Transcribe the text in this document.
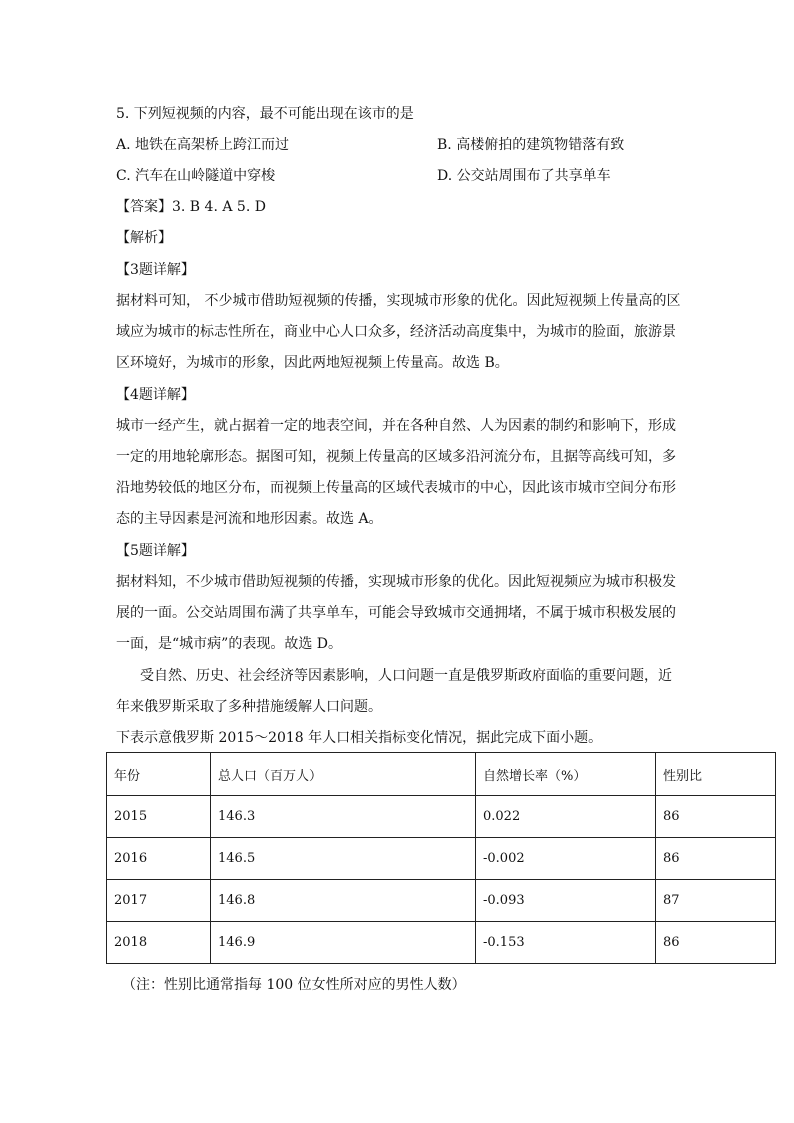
5. 下列短视频的内容，最不可能出现在该市的是
A. 地铁在高架桥上跨江而过	B. 高楼俯拍的建筑物错落有致
C. 汽车在山岭隧道中穿梭	D. 公交站周围布了共享单车
【答案】3. B 4. A 5. D
【解析】
【3题详解】
据材料可知， 不少城市借助短视频的传播，实现城市形象的优化。因此短视频上传量高的区
域应为城市的标志性所在，商业中心人口众多，经济活动高度集中，为城市的脸面，旅游景
区环境好，为城市的形象，因此两地短视频上传量高。故选 B。
【4题详解】
城市一经产生，就占据着一定的地表空间，并在各种自然、人为因素的制约和影响下，形成
一定的用地轮廓形态。据图可知，视频上传量高的区域多沿河流分布，且据等高线可知，多
沿地势较低的地区分布，而视频上传量高的区域代表城市的中心，因此该市城市空间分布形
态的主导因素是河流和地形因素。故选 A。
【5题详解】
据材料知，不少城市借助短视频的传播，实现城市形象的优化。因此短视频应为城市积极发
展的一面。公交站周围布满了共享单车，可能会导致城市交通拥堵，不属于城市积极发展的
一面，是“城市病”的表现。故选 D。
受自然、历史、社会经济等因素影响，人口问题一直是俄罗斯政府面临的重要问题，近
年来俄罗斯采取了多种措施缓解人口问题。
下表示意俄罗斯 2015～2018 年人口相关指标变化情况，据此完成下面小题。
年份	总人口（百万人）	自然增长率（%）	性别比
2015	146.3	0.022	86
2016	146.5	-0.002	86
2017	146.8	-0.093	87
2018	146.9	-0.153	86
（注：性别比通常指每 100 位女性所对应的男性人数）
